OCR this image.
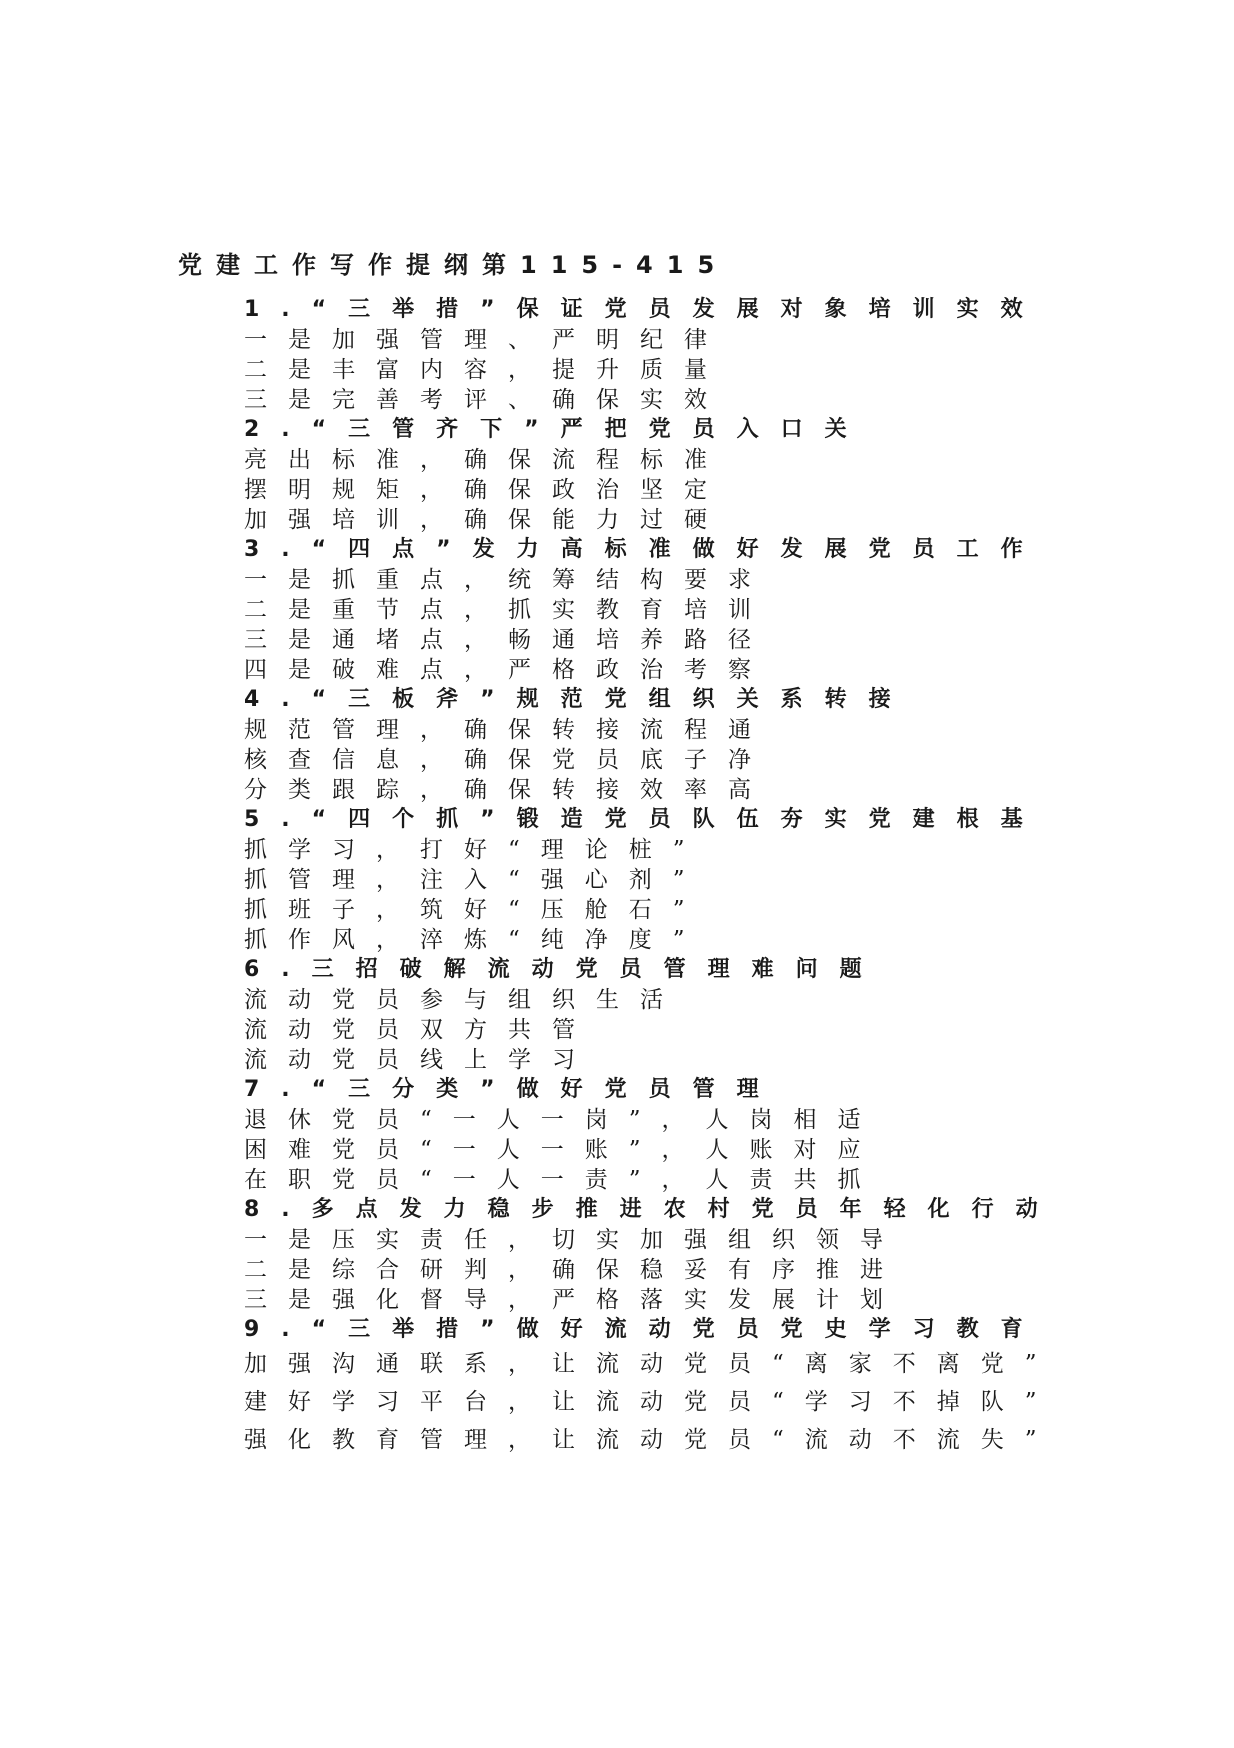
党建工作写作提纲第115-415
1.“三举措”保证党员发展对象培训实效
一是加强管理、严明纪律
二是丰富内容，提升质量
三是完善考评、确保实效
2.“三管齐下”严把党员入口关
亮出标准，确保流程标准
摆明规矩，确保政治坚定
加强培训，确保能力过硬
3.“四点”发力高标准做好发展党员工作
一是抓重点，统筹结构要求
二是重节点，抓实教育培训
三是通堵点，畅通培养路径
四是破难点，严格政治考察
4.“三板斧”规范党组织关系转接
规范管理，确保转接流程通
核查信息，确保党员底子净
分类跟踪，确保转接效率高
5.“四个抓”锻造党员队伍夯实党建根基
抓学习，打好“理论桩”
抓管理，注入“强心剂”
抓班子，筑好“压舱石”
抓作风，淬炼“纯净度”
6.三招破解流动党员管理难问题
流动党员参与组织生活
流动党员双方共管
流动党员线上学习
7.“三分类”做好党员管理
退休党员“一人一岗”，人岗相适
困难党员“一人一账”，人账对应
在职党员“一人一责”，人责共抓
8.多点发力稳步推进农村党员年轻化行动
一是压实责任，切实加强组织领导
二是综合研判，确保稳妥有序推进
三是强化督导，严格落实发展计划
9.“三举措”做好流动党员党史学习教育
加强沟通联系，让流动党员“离家不离党”
建好学习平台，让流动党员“学习不掉队”
强化教育管理，让流动党员“流动不流失”
